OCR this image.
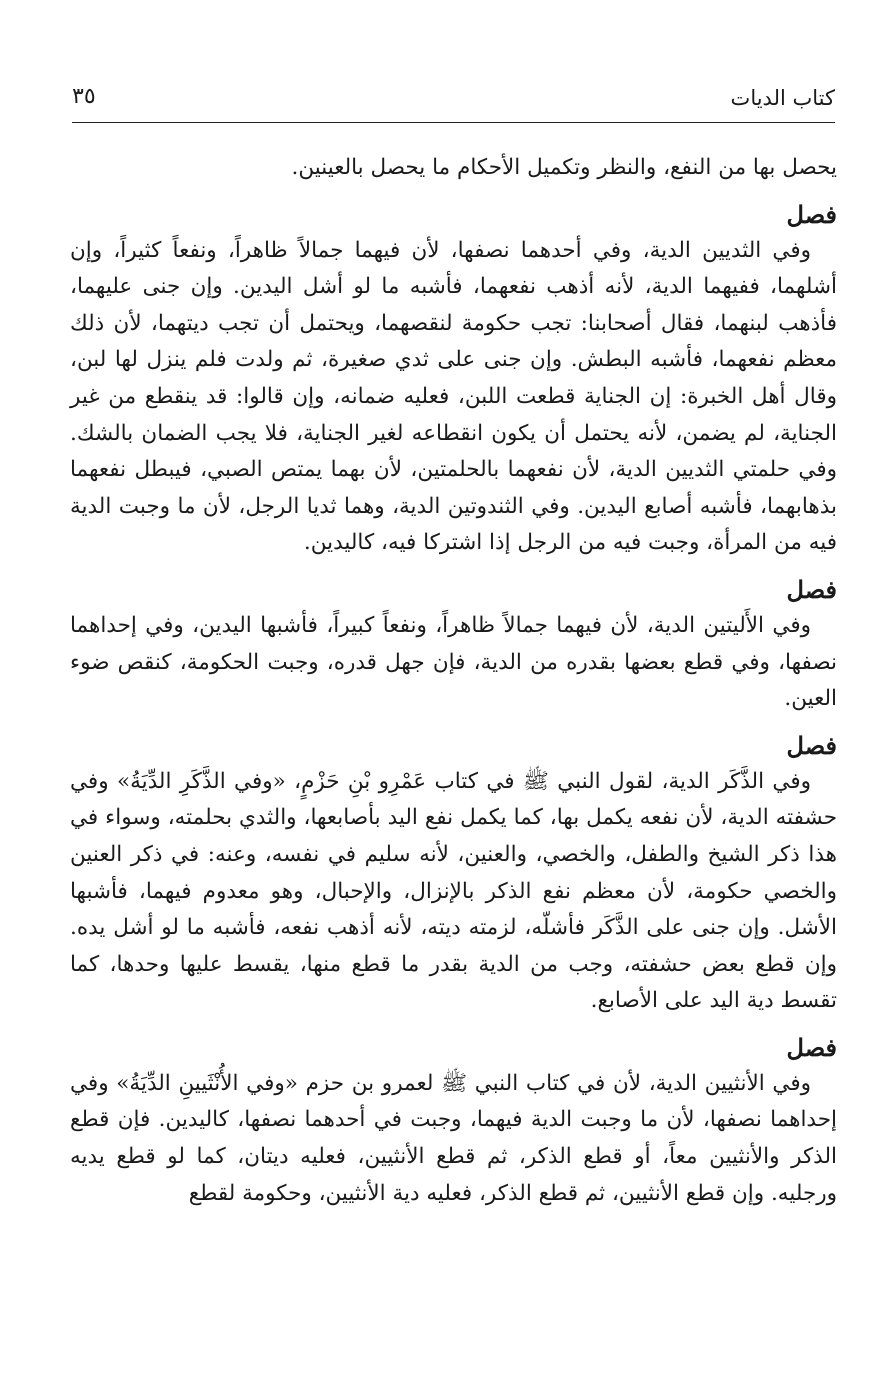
كتاب الديات
٣٥

يحصل بها من النفع، والنظر وتكميل الأحكام ما يحصل بالعينين.

فصل

وفي الثديين الدية، وفي أحدهما نصفها، لأن فيهما جمالاً ظاهراً، ونفعاً كثيراً، وإن أشلهما، ففيهما الدية، لأنه أذهب نفعهما، فأشبه ما لو أشل اليدين. وإن جنى عليهما، فأذهب لبنهما، فقال أصحابنا: تجب حكومة لنقصهما، ويحتمل أن تجب ديتهما، لأن ذلك معظم نفعهما، فأشبه البطش. وإن جنى على ثدي صغيرة، ثم ولدت فلم ينزل لها لبن، وقال أهل الخبرة: إن الجناية قطعت اللبن، فعليه ضمانه، وإن قالوا: قد ينقطع من غير الجناية، لم يضمن، لأنه يحتمل أن يكون انقطاعه لغير الجناية، فلا يجب الضمان بالشك. وفي حلمتي الثديين الدية، لأن نفعهما بالحلمتين، لأن بهما يمتص الصبي، فيبطل نفعهما بذهابهما، فأشبه أصابع اليدين. وفي الثندوتين الدية، وهما ثديا الرجل، لأن ما وجبت الدية فيه من المرأة، وجبت فيه من الرجل إذا اشتركا فيه، كاليدين.

فصل

وفي الأَليتين الدية، لأن فيهما جمالاً ظاهراً، ونفعاً كبيراً، فأشبها اليدين، وفي إحداهما نصفها، وفي قطع بعضها بقدره من الدية، فإن جهل قدره، وجبت الحكومة، كنقص ضوء العين.

فصل

وفي الذَّكَر الدية، لقول النبي ﷺ في كتاب عَمْرِو بْنِ حَزْمٍ، «وفي الذَّكَرِ الدِّيَةُ» وفي حشفته الدية، لأن نفعه يكمل بها، كما يكمل نفع اليد بأصابعها، والثدي بحلمته، وسواء في هذا ذكر الشيخ والطفل، والخصي، والعنين، لأنه سليم في نفسه، وعنه: في ذكر العنين والخصي حكومة، لأن معظم نفع الذكر بالإنزال، والإحبال، وهو معدوم فيهما، فأشبها الأشل. وإن جنى على الذَّكَر فأشلّه، لزمته ديته، لأنه أذهب نفعه، فأشبه ما لو أشل يده. وإن قطع بعض حشفته، وجب من الدية بقدر ما قطع منها، يقسط عليها وحدها، كما تقسط دية اليد على الأصابع.

فصل

وفي الأنثيين الدية، لأن في كتاب النبي ﷺ لعمرو بن حزم «وفي الأُنْثَيينِ الدِّيَةُ» وفي إحداهما نصفها، لأن ما وجبت الدية فيهما، وجبت في أحدهما نصفها، كاليدين. فإن قطع الذكر والأنثيين معاً، أو قطع الذكر، ثم قطع الأنثيين، فعليه ديتان، كما لو قطع يديه ورجليه. وإن قطع الأنثيين، ثم قطع الذكر، فعليه دية الأنثيين، وحكومة لقطع
